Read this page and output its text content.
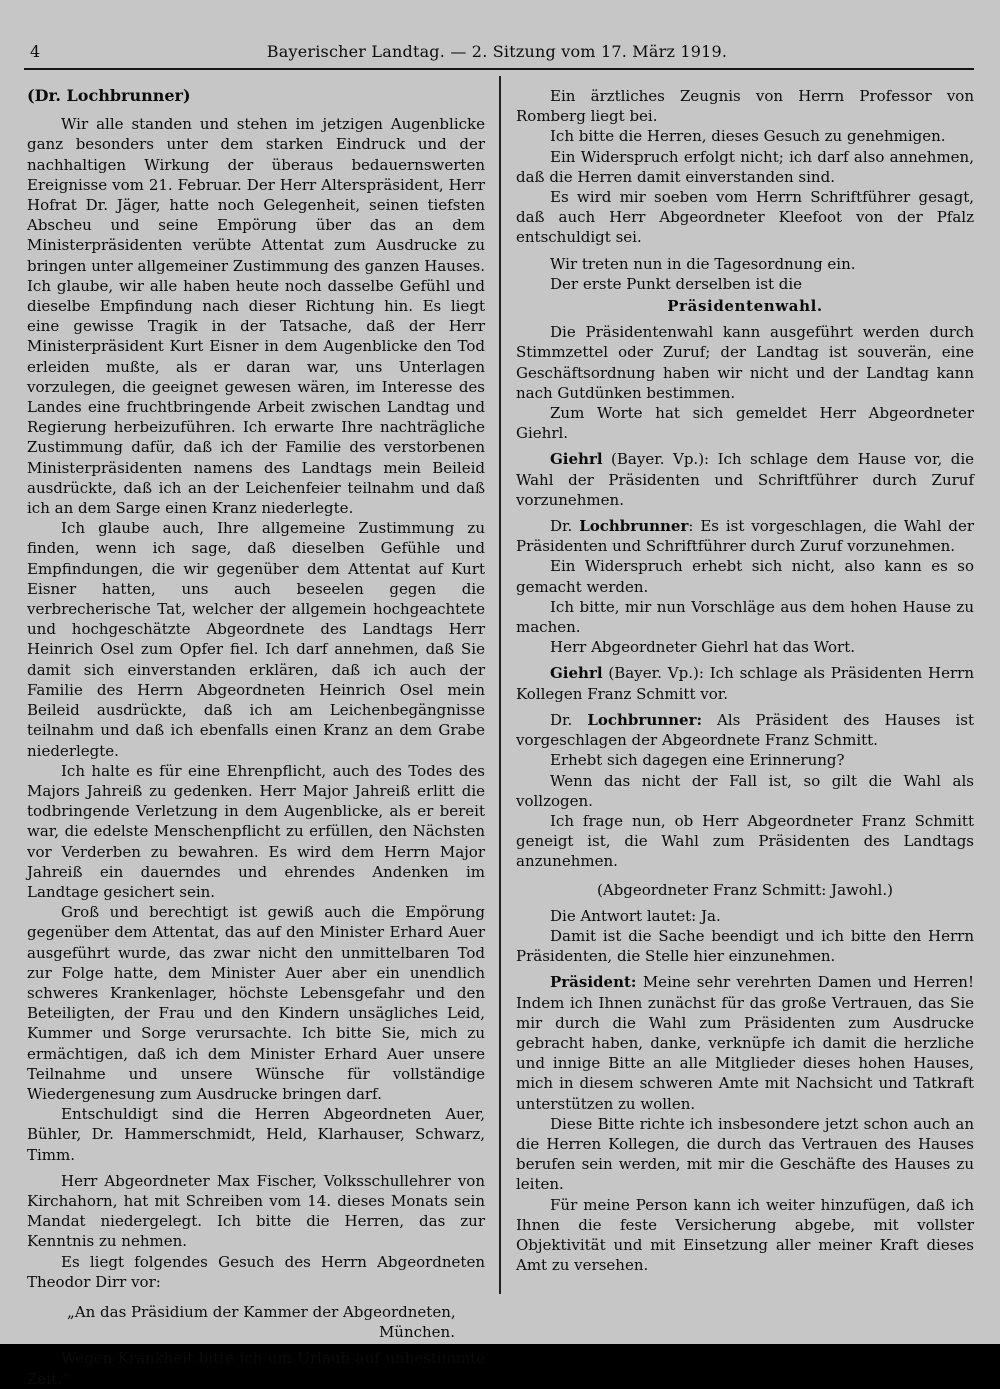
4	Bayerischer Landtag. — 2. Sitzung vom 17. März 1919.

(Dr. Lochbrunner)

Wir alle standen und stehen im jetzigen Augenblicke ganz besonders unter dem starken Eindruck und der nachhaltigen Wirkung der überaus bedauernswerten Ereignisse vom 21. Februar. Der Herr Alterspräsident, Herr Hofrat Dr. Jäger, hatte noch Gelegenheit, seinen tiefsten Abscheu und seine Empörung über das an dem Ministerpräsidenten verübte Attentat zum Ausdrucke zu bringen unter allgemeiner Zustimmung des ganzen Hauses. Ich glaube, wir alle haben heute noch dasselbe Gefühl und dieselbe Empfindung nach dieser Richtung hin. Es liegt eine gewisse Tragik in der Tatsache, daß der Herr Ministerpräsident Kurt Eisner in dem Augenblicke den Tod erleiden mußte, als er daran war, uns Unterlagen vorzulegen, die geeignet gewesen wären, im Interesse des Landes eine fruchtbringende Arbeit zwischen Landtag und Regierung herbeizuführen. Ich erwarte Ihre nachträgliche Zustimmung dafür, daß ich der Familie des verstorbenen Ministerpräsidenten namens des Landtags mein Beileid ausdrückte, daß ich an der Leichenfeier teilnahm und daß ich an dem Sarge einen Kranz niederlegte.

Ich glaube auch, Ihre allgemeine Zustimmung zu finden, wenn ich sage, daß dieselben Gefühle und Empfindungen, die wir gegenüber dem Attentat auf Kurt Eisner hatten, uns auch beseelen gegen die verbrecherische Tat, welcher der allgemein hochgeachtete und hochgeschätzte Abgeordnete des Landtags Herr Heinrich Osel zum Opfer fiel. Ich darf annehmen, daß Sie damit sich einverstanden erklären, daß ich auch der Familie des Herrn Abgeordneten Heinrich Osel mein Beileid ausdrückte, daß ich am Leichenbegängnisse teilnahm und daß ich ebenfalls einen Kranz an dem Grabe niederlegte.

Ich halte es für eine Ehrenpflicht, auch des Todes des Majors Jahreiß zu gedenken. Herr Major Jahreiß erlitt die todbringende Verletzung in dem Augenblicke, als er bereit war, die edelste Menschenpflicht zu erfüllen, den Nächsten vor Verderben zu bewahren. Es wird dem Herrn Major Jahreiß ein dauerndes und ehrendes Andenken im Landtage gesichert sein.

Groß und berechtigt ist gewiß auch die Empörung gegenüber dem Attentat, das auf den Minister Erhard Auer ausgeführt wurde, das zwar nicht den unmittelbaren Tod zur Folge hatte, dem Minister Auer aber ein unendlich schweres Krankenlager, höchste Lebensgefahr und den Beteiligten, der Frau und den Kindern unsägliches Leid, Kummer und Sorge verursachte. Ich bitte Sie, mich zu ermächtigen, daß ich dem Minister Erhard Auer unsere Teilnahme und unsere Wünsche für vollständige Wiedergenesung zum Ausdrucke bringen darf.

Entschuldigt sind die Herren Abgeordneten Auer, Bühler, Dr. Hammerschmidt, Held, Klarhauser, Schwarz, Timm.

Herr Abgeordneter Max Fischer, Volksschullehrer von Kirchahorn, hat mit Schreiben vom 14. dieses Monats sein Mandat niedergelegt. Ich bitte die Herren, das zur Kenntnis zu nehmen.

Es liegt folgendes Gesuch des Herrn Abgeordneten Theodor Dirr vor:

„An das Präsidium der Kammer der Abgeordneten,

München.

Wegen Krankheit bitte ich um Urlaub auf unbestimmte Zeit.“

Ein ärztliches Zeugnis von Herrn Professor von Romberg liegt bei.

Ich bitte die Herren, dieses Gesuch zu genehmigen.

Ein Widerspruch erfolgt nicht; ich darf also annehmen, daß die Herren damit einverstanden sind.

Es wird mir soeben vom Herrn Schriftführer gesagt, daß auch Herr Abgeordneter Kleefoot von der Pfalz entschuldigt sei.

Wir treten nun in die Tagesordnung ein.

Der erste Punkt derselben ist die

Präsidentenwahl.

Die Präsidentenwahl kann ausgeführt werden durch Stimmzettel oder Zuruf; der Landtag ist souverän, eine Geschäftsordnung haben wir nicht und der Landtag kann nach Gutdünken bestimmen.

Zum Worte hat sich gemeldet Herr Abgeordneter Giehrl.

Giehrl (Bayer. Vp.): Ich schlage dem Hause vor, die Wahl der Präsidenten und Schriftführer durch Zuruf vorzunehmen.

Dr. Lochbrunner: Es ist vorgeschlagen, die Wahl der Präsidenten und Schriftführer durch Zuruf vorzunehmen.

Ein Widerspruch erhebt sich nicht, also kann es so gemacht werden.

Ich bitte, mir nun Vorschläge aus dem hohen Hause zu machen.

Herr Abgeordneter Giehrl hat das Wort.

Giehrl (Bayer. Vp.): Ich schlage als Präsidenten Herrn Kollegen Franz Schmitt vor.

Dr. Lochbrunner: Als Präsident des Hauses ist vorgeschlagen der Abgeordnete Franz Schmitt.

Erhebt sich dagegen eine Erinnerung?

Wenn das nicht der Fall ist, so gilt die Wahl als vollzogen.

Ich frage nun, ob Herr Abgeordneter Franz Schmitt geneigt ist, die Wahl zum Präsidenten des Landtags anzunehmen.

(Abgeordneter Franz Schmitt: Jawohl.)

Die Antwort lautet: Ja.

Damit ist die Sache beendigt und ich bitte den Herrn Präsidenten, die Stelle hier einzunehmen.

Präsident: Meine sehr verehrten Damen und Herren! Indem ich Ihnen zunächst für das große Vertrauen, das Sie mir durch die Wahl zum Präsidenten zum Ausdrucke gebracht haben, danke, verknüpfe ich damit die herzliche und innige Bitte an alle Mitglieder dieses hohen Hauses, mich in diesem schweren Amte mit Nachsicht und Tatkraft unterstützen zu wollen.

Diese Bitte richte ich insbesondere jetzt schon auch an die Herren Kollegen, die durch das Vertrauen des Hauses berufen sein werden, mit mir die Geschäfte des Hauses zu leiten.

Für meine Person kann ich weiter hinzufügen, daß ich Ihnen die feste Versicherung abgebe, mit vollster Objektivität und mit Einsetzung aller meiner Kraft dieses Amt zu versehen.
